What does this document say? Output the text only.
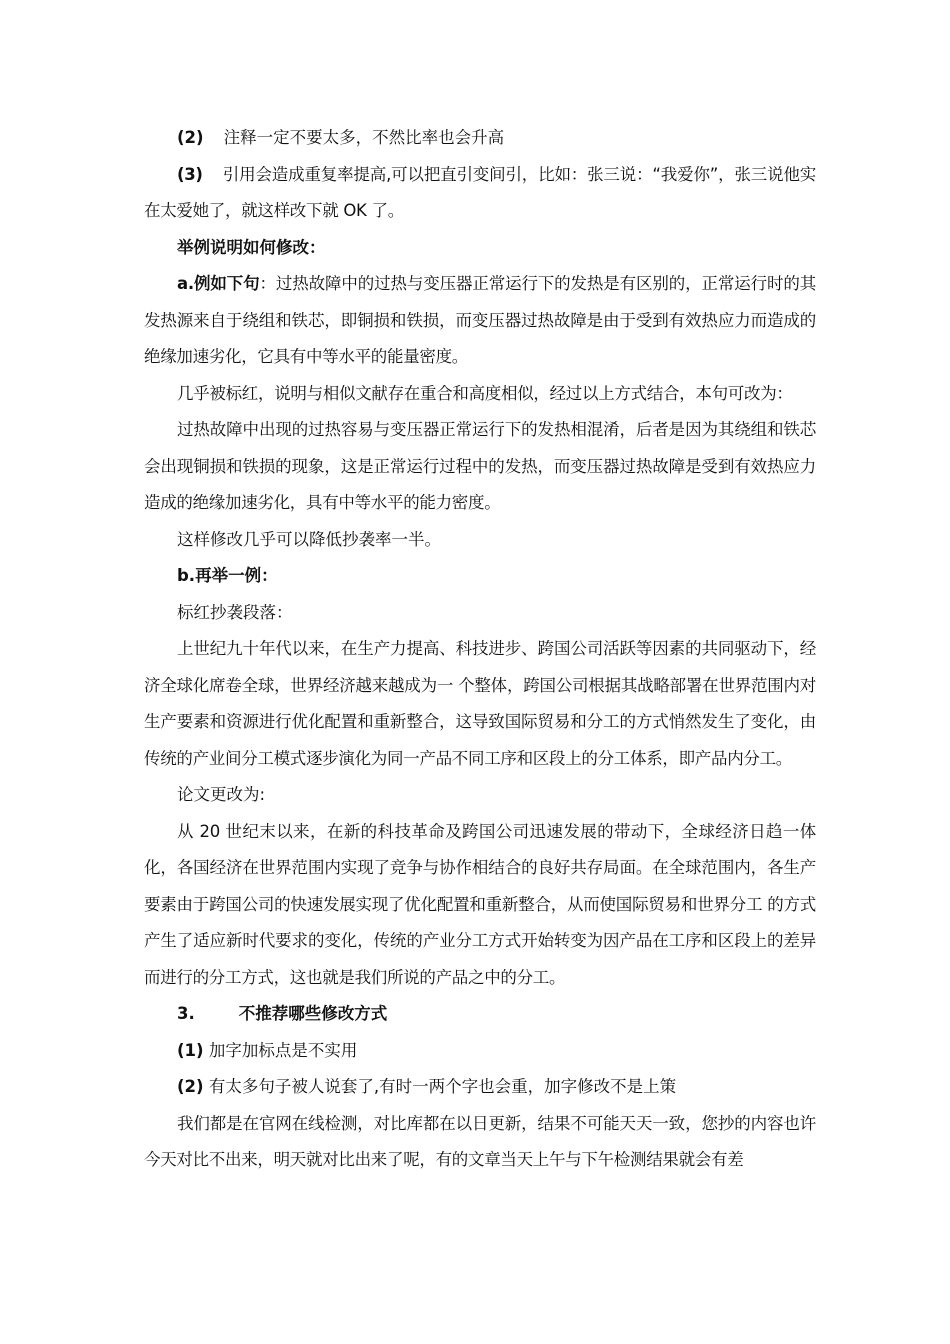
(2) 注释一定不要太多，不然比率也会升高

(3) 引用会造成重复率提高,可以把直引变间引，比如：张三说：“我爱你”，张三说他实在太爱她了，就这样改下就 OK 了。

举例说明如何修改：

a.例如下句：过热故障中的过热与变压器正常运行下的发热是有区别的，正常运行时的其发热源来自于绕组和铁芯，即铜损和铁损，而变压器过热故障是由于受到有效热应力而造成的绝缘加速劣化，它具有中等水平的能量密度。

几乎被标红，说明与相似文献存在重合和高度相似，经过以上方式结合，本句可改为：

过热故障中出现的过热容易与变压器正常运行下的发热相混淆，后者是因为其绕组和铁芯会出现铜损和铁损的现象，这是正常运行过程中的发热，而变压器过热故障是受到有效热应力造成的绝缘加速劣化，具有中等水平的能力密度。

这样修改几乎可以降低抄袭率一半。

b.再举一例：

标红抄袭段落：

上世纪九十年代以来，在生产力提高、科技进步、跨国公司活跃等因素的共同驱动下，经济全球化席卷全球，世界经济越来越成为一 个整体，跨国公司根据其战略部署在世界范围内对生产要素和资源进行优化配置和重新整合，这导致国际贸易和分工的方式悄然发生了变化，由传统的产业间分工模式逐步演化为同一产品不同工序和区段上的分工体系，即产品内分工。

论文更改为:

从 20 世纪末以来，在新的科技革命及跨国公司迅速发展的带动下，全球经济日趋一体化，各国经济在世界范围内实现了竞争与协作相结合的良好共存局面。在全球范围内，各生产要素由于跨国公司的快速发展实现了优化配置和重新整合，从而使国际贸易和世界分工 的方式产生了适应新时代要求的变化，传统的产业分工方式开始转变为因产品在工序和区段上的差异而进行的分工方式，这也就是我们所说的产品之中的分工。

3.	不推荐哪些修改方式

(1) 加字加标点是不实用

(2) 有太多句子被人说套了,有时一两个字也会重，加字修改不是上策

我们都是在官网在线检测，对比库都在以日更新，结果不可能天天一致，您抄的内容也许今天对比不出来，明天就对比出来了呢，有的文章当天上午与下午检测结果就会有差
